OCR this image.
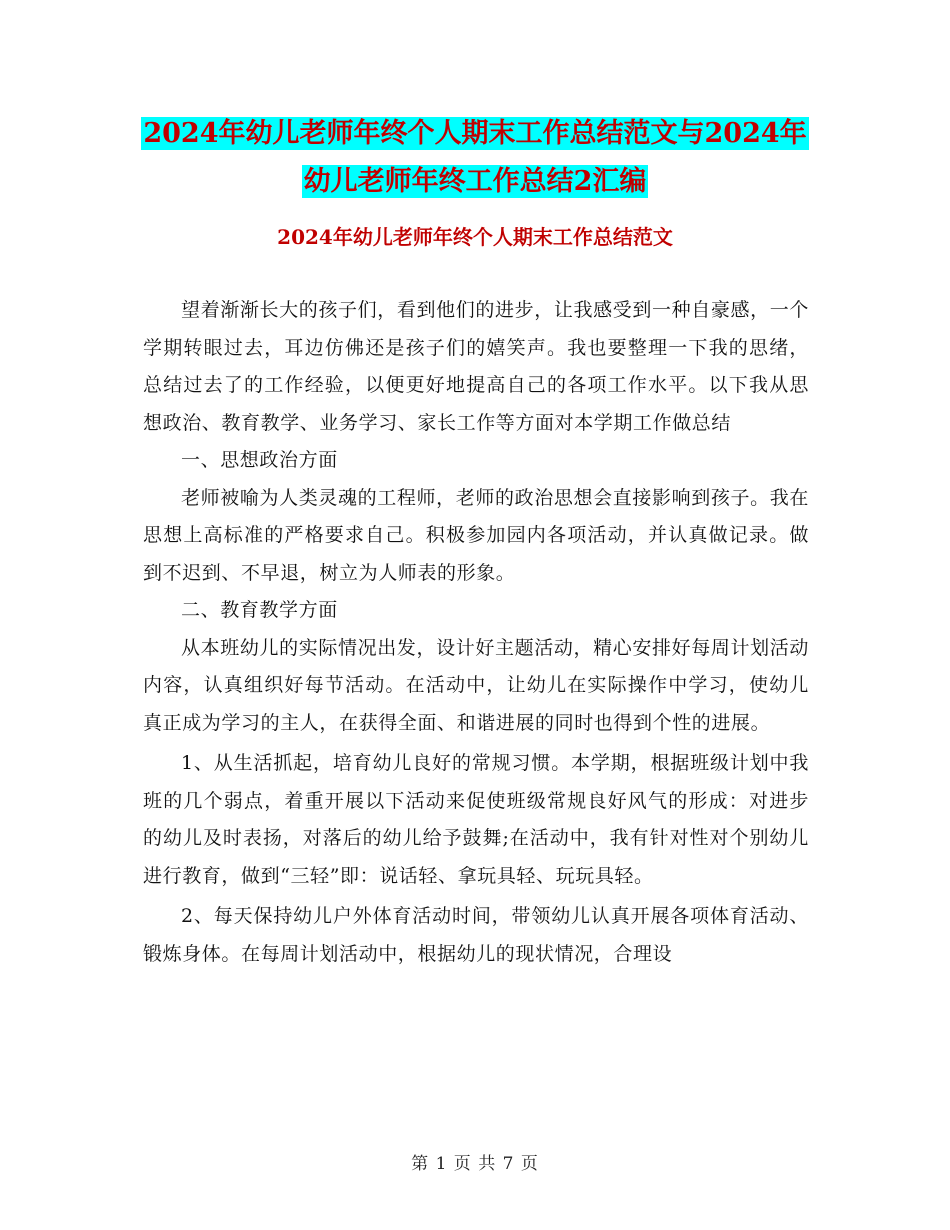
2024年幼儿老师年终个人期末工作总结范文与2024年
幼儿老师年终工作总结2汇编
2024年幼儿老师年终个人期末工作总结范文

望着渐渐长大的孩子们，看到他们的进步，让我感受到一种自豪感，一个学期转眼过去，耳边仿佛还是孩子们的嬉笑声。我也要整理一下我的思绪，总结过去了的工作经验，以便更好地提高自己的各项工作水平。以下我从思想政治、教育教学、业务学习、家长工作等方面对本学期工作做总结

一、思想政治方面

老师被喻为人类灵魂的工程师，老师的政治思想会直接影响到孩子。我在思想上高标准的严格要求自己。积极参加园内各项活动，并认真做记录。做到不迟到、不早退，树立为人师表的形象。

二、教育教学方面

从本班幼儿的实际情况出发，设计好主题活动，精心安排好每周计划活动内容，认真组织好每节活动。在活动中，让幼儿在实际操作中学习，使幼儿真正成为学习的主人，在获得全面、和谐进展的同时也得到个性的进展。

1、从生活抓起，培育幼儿良好的常规习惯。本学期，根据班级计划中我班的几个弱点，着重开展以下活动来促使班级常规良好风气的形成：对进步的幼儿及时表扬，对落后的幼儿给予鼓舞;在活动中，我有针对性对个别幼儿进行教育，做到“三轻”即：说话轻、拿玩具轻、玩玩具轻。

2、每天保持幼儿户外体育活动时间，带领幼儿认真开展各项体育活动、锻炼身体。在每周计划活动中，根据幼儿的现状情况，合理设

第 1 页 共 7 页
